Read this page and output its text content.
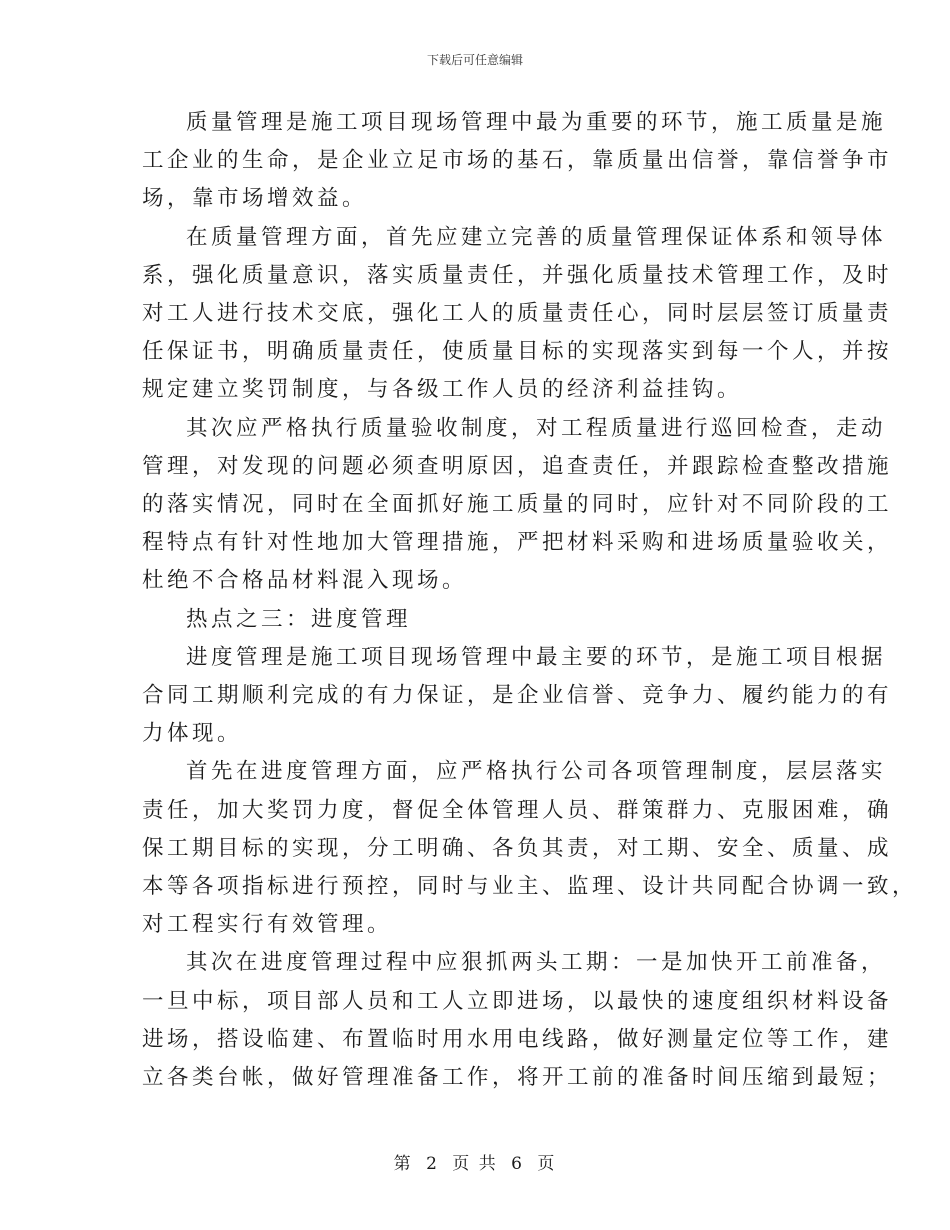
下载后可任意编辑

质量管理是施工项目现场管理中最为重要的环节，施工质量是施
工企业的生命，是企业立足市场的基石，靠质量出信誉，靠信誉争市
场，靠市场增效益。

在质量管理方面，首先应建立完善的质量管理保证体系和领导体
系，强化质量意识，落实质量责任，并强化质量技术管理工作，及时
对工人进行技术交底，强化工人的质量责任心，同时层层签订质量责
任保证书，明确质量责任，使质量目标的实现落实到每一个人，并按
规定建立奖罚制度，与各级工作人员的经济利益挂钩。

其次应严格执行质量验收制度，对工程质量进行巡回检查，走动
管理，对发现的问题必须查明原因，追查责任，并跟踪检查整改措施
的落实情况，同时在全面抓好施工质量的同时，应针对不同阶段的工
程特点有针对性地加大管理措施，严把材料采购和进场质量验收关，
杜绝不合格品材料混入现场。

热点之三：进度管理

进度管理是施工项目现场管理中最主要的环节，是施工项目根据
合同工期顺利完成的有力保证，是企业信誉、竞争力、履约能力的有
力体现。

首先在进度管理方面，应严格执行公司各项管理制度，层层落实
责任，加大奖罚力度，督促全体管理人员、群策群力、克服困难，确
保工期目标的实现，分工明确、各负其责，对工期、安全、质量、成
本等各项指标进行预控，同时与业主、监理、设计共同配合协调一致，
对工程实行有效管理。

其次在进度管理过程中应狠抓两头工期：一是加快开工前准备，
一旦中标，项目部人员和工人立即进场，以最快的速度组织材料设备
进场，搭设临建、布置临时用水用电线路，做好测量定位等工作，建
立各类台帐，做好管理准备工作，将开工前的准备时间压缩到最短；

第 2 页 共 6 页
